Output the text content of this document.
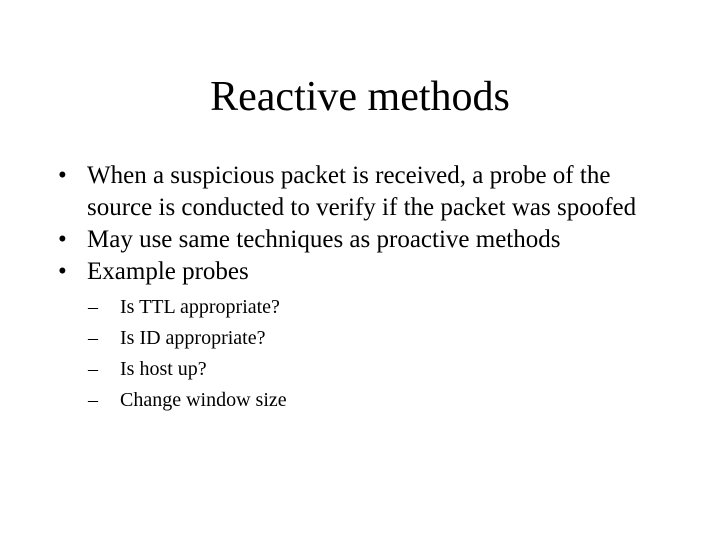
Reactive methods
• When a suspicious packet is received, a probe of the source is conducted to verify if the packet was spoofed
• May use same techniques as proactive methods
• Example probes
–	Is TTL appropriate?
–	Is ID appropriate?
–	Is host up?
–	Change window size
